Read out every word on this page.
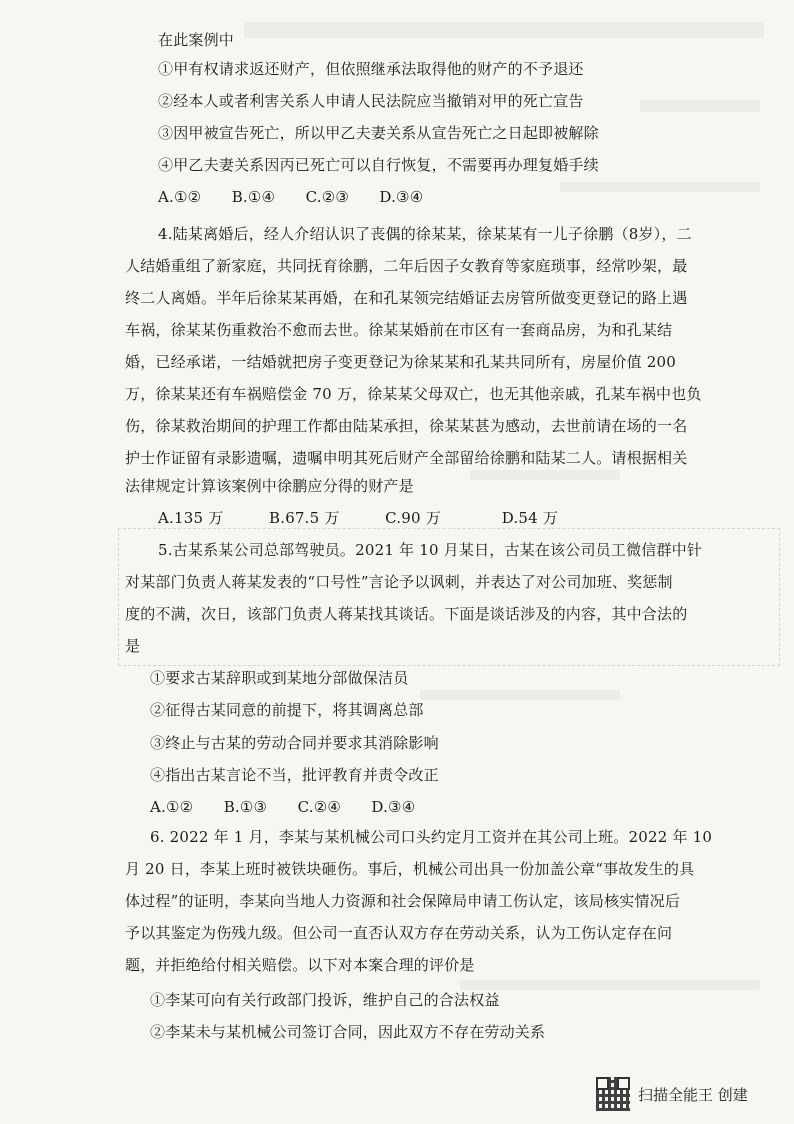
在此案例中
①甲有权请求返还财产，但依照继承法取得他的财产的不予退还
②经本人或者利害关系人申请人民法院应当撤销对甲的死亡宣告
③因甲被宣告死亡，所以甲乙夫妻关系从宣告死亡之日起即被解除
④甲乙夫妻关系因丙已死亡可以自行恢复，不需要再办理复婚手续
A.①②　　B.①④　　C.②③　　D.③④
4.陆某离婚后，经人介绍认识了丧偶的徐某某，徐某某有一儿子徐鹏（8岁），二
人结婚重组了新家庭，共同抚育徐鹏，二年后因子女教育等家庭琐事，经常吵架，最
终二人离婚。半年后徐某某再婚，在和孔某领完结婚证去房管所做变更登记的路上遇
车祸，徐某某伤重救治不愈而去世。徐某某婚前在市区有一套商品房，为和孔某结
婚，已经承诺，一结婚就把房子变更登记为徐某某和孔某共同所有，房屋价值 200
万，徐某某还有车祸赔偿金 70 万，徐某某父母双亡，也无其他亲戚，孔某车祸中也负
伤，徐某救治期间的护理工作都由陆某承担，徐某某甚为感动，去世前请在场的一名
护士作证留有录影遗嘱，遗嘱申明其死后财产全部留给徐鹏和陆某二人。请根据相关
法律规定计算该案例中徐鹏应分得的财产是
A.135 万　　　B.67.5 万　　　C.90 万　　　　D.54 万
5.古某系某公司总部驾驶员。2021 年 10 月某日，古某在该公司员工微信群中针
对某部门负责人蒋某发表的“口号性”言论予以讽刺，并表达了对公司加班、奖惩制
度的不满，次日，该部门负责人蒋某找其谈话。下面是谈话涉及的内容，其中合法的
是
①要求古某辞职或到某地分部做保洁员
②征得古某同意的前提下，将其调离总部
③终止与古某的劳动合同并要求其消除影响
④指出古某言论不当，批评教育并责令改正
A.①②　　B.①③　　C.②④　　D.③④
6. 2022 年 1 月，李某与某机械公司口头约定月工资并在其公司上班。2022 年 10
月 20 日，李某上班时被铁块砸伤。事后，机械公司出具一份加盖公章“事故发生的具
体过程”的证明，李某向当地人力资源和社会保障局申请工伤认定，该局核实情况后
予以其鉴定为伤残九级。但公司一直否认双方存在劳动关系，认为工伤认定存在问
题，并拒绝给付相关赔偿。以下对本案合理的评价是
①李某可向有关行政部门投诉，维护自己的合法权益
②李某未与某机械公司签订合同，因此双方不存在劳动关系
扫描全能王 创建
